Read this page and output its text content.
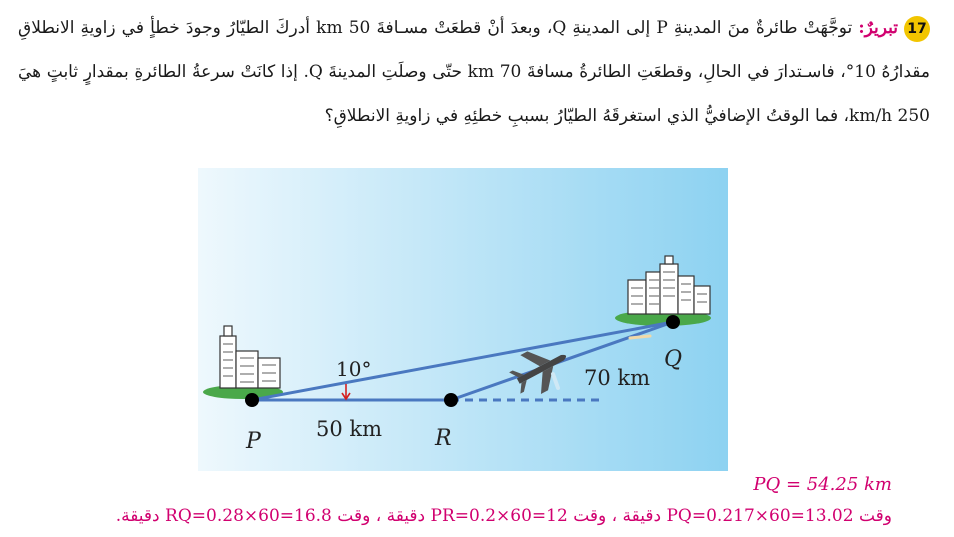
17تبريرٌ: توجَّهَتْ طائرةٌ منَ المدينةِ P إلى المدينةِ Q، وبعدَ أنْ قطعَتْ مسـافةَ 50 km أدركَ الطيّارُ وجودَ خطأٍ في زاويةِ الانطلاقِ مقدارُهُ 10°، فاسـتدارَ في الحالِ، وقطعَتِ الطائرةُ مسافةَ 70 km حتّى وصلَتِ المدينةَ Q. إذا كانَتْ سرعةُ الطائرةِ بمقدارٍ ثابتٍ هيَ 250 km/h، فما الوقتُ الإضافيُّ الذي استغرقَهُ الطيّارُ بسببِ خطئِهِ في زاويةِ الانطلاقِ؟
10°
50 km
70 km
P	R
Q
PQ = 54.25 km
وقت PQ=0.217×60=13.02 دقيقة ، وقت PR=0.2×60=12 دقيقة ، وقت RQ=0.28×60=16.8 دقيقة.
